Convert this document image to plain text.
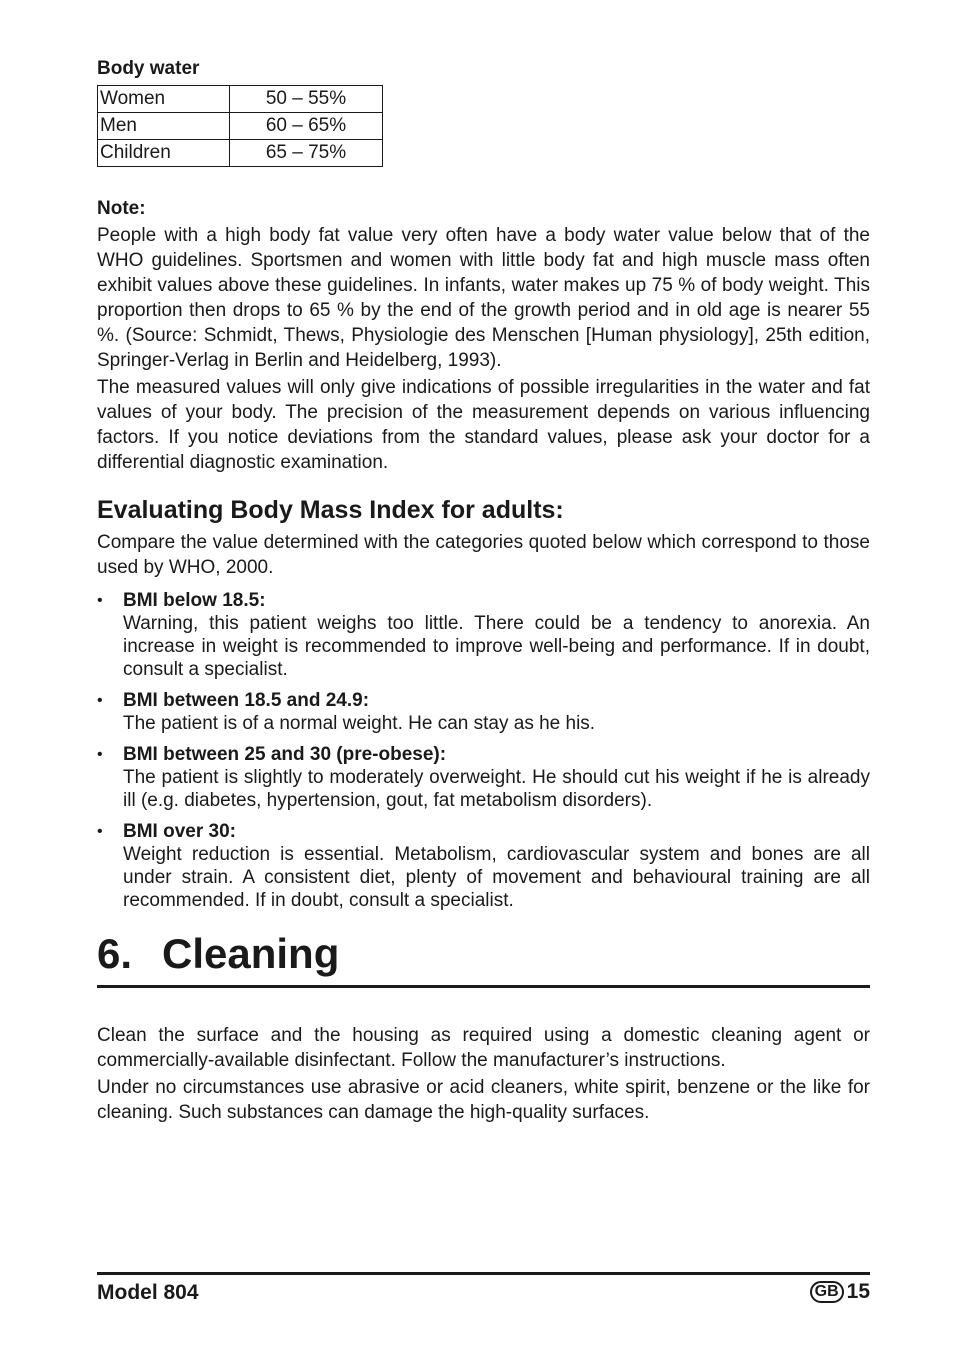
Body water
Women	50 – 55%
Men	60 – 65%
Children	65 – 75%
Note:

People with a high body fat value very often have a body water value below that of the WHO guidelines. Sportsmen and women with little body fat and high muscle mass often exhibit values above these guidelines. In infants, water makes up 75 % of body weight. This proportion then drops to 65 % by the end of the growth period and in old age is nearer 55 %. (Source: Schmidt, Thews, Physiologie des Menschen [Human physiology], 25th edition, Springer-Verlag in Berlin and Heidelberg, 1993).

The measured values will only give indications of possible irregularities in the water and fat values of your body. The precision of the measurement depends on various influencing factors. If you notice deviations from the standard values, please ask your doctor for a differential diagnostic examination.

Evaluating Body Mass Index for adults:

Compare the value determined with the categories quoted below which correspond to those used by WHO, 2000.

• BMI below 18.5:
Warning, this patient weighs too little. There could be a tendency to anorexia. An increase in weight is recommended to improve well-being and performance. If in doubt, consult a specialist.
• BMI between 18.5 and 24.9:
The patient is of a normal weight. He can stay as he his.
• BMI between 25 and 30 (pre-obese):
The patient is slightly to moderately overweight. He should cut his weight if he is already ill (e.g. diabetes, hypertension, gout, fat metabolism disorders).
• BMI over 30:
Weight reduction is essential. Metabolism, cardiovascular system and bones are all under strain. A consistent diet, plenty of movement and behavioural training are all recommended. If in doubt, consult a specialist.
6. Cleaning

Clean the surface and the housing as required using a domestic cleaning agent or commercially-available disinfectant. Follow the manufacturer’s instructions.

Under no circumstances use abrasive or acid cleaners, white spirit, benzene or the like for cleaning. Such substances can damage the high-quality surfaces.

Model 804	GB 15
